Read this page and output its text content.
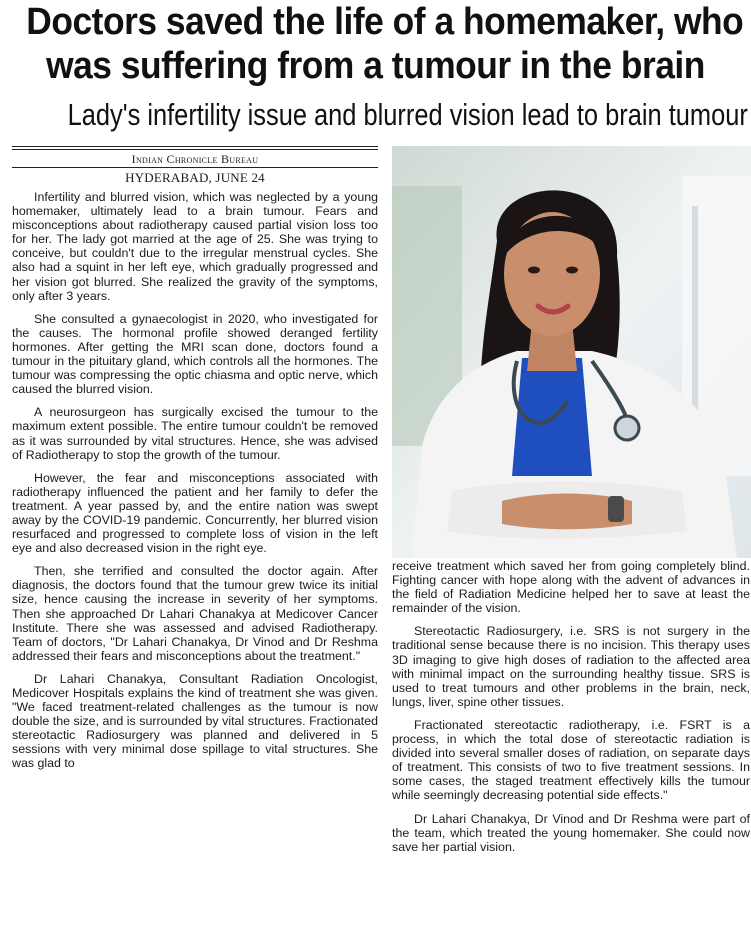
Doctors saved the life of a homemaker, who
was suffering from a tumour in the brain
Lady's infertility issue and blurred vision lead to brain tumour
Indian Chronicle Bureau
HYDERABAD, JUNE 24

Infertility and blurred vision, which was neglected by a young homemaker, ultimately lead to a brain tumour. Fears and misconceptions about radiotherapy caused partial vision loss too for her. The lady got married at the age of 25. She was trying to conceive, but couldn't due to the irregular menstrual cycles. She also had a squint in her left eye, which gradually progressed and her vision got blurred. She realized the gravity of the symptoms, only after 3 years.

She consulted a gynaecologist in 2020, who investigated for the causes. The hormonal profile showed deranged fertility hormones. After getting the MRI scan done, doctors found a tumour in the pituitary gland, which controls all the hormones. The tumour was compressing the optic chiasma and optic nerve, which caused the blurred vision.

A neurosurgeon has surgically excised the tumour to the maximum extent possible. The entire tumour couldn't be removed as it was surrounded by vital structures. Hence, she was advised of Radiotherapy to stop the growth of the tumour.

However, the fear and misconceptions associated with radiotherapy influenced the patient and her family to defer the treatment. A year passed by, and the entire nation was swept away by the COVID-19 pandemic. Concurrently, her blurred vision resurfaced and progressed to complete loss of vision in the left eye and also decreased vision in the right eye.

Then, she terrified and consulted the doctor again. After diagnosis, the doctors found that the tumour grew twice its initial size, hence causing the increase in severity of her symptoms. Then she approached Dr Lahari Chanakya at Medicover Cancer Institute. There she was assessed and advised Radiotherapy. Team of doctors, "Dr Lahari Chanakya, Dr Vinod and Dr Reshma addressed their fears and misconceptions about the treatment."

Dr Lahari Chanakya, Consultant Radiation Oncologist, Medicover Hospitals explains the kind of treatment she was given. "We faced treatment-related challenges as the tumour is now double the size, and is surrounded by vital structures. Fractionated stereotactic Radiosurgery was planned and delivered in 5 sessions with very minimal dose spillage to vital structures. She was glad to

receive treatment which saved her from going completely blind. Fighting cancer with hope along with the advent of advances in the field of Radiation Medicine helped her to save at least the remainder of the vision.

Stereotactic Radiosurgery, i.e. SRS is not surgery in the traditional sense because there is no incision. This therapy uses 3D imaging to give high doses of radiation to the affected area with minimal impact on the surrounding healthy tissue. SRS is used to treat tumours and other problems in the brain, neck, lungs, liver, spine other tissues.

Fractionated stereotactic radiotherapy, i.e. FSRT is a process, in which the total dose of stereotactic radiation is divided into several smaller doses of radiation, on separate days of treatment. This consists of two to five treatment sessions. In some cases, the staged treatment effectively kills the tumour while seemingly decreasing potential side effects."

Dr Lahari Chanakya, Dr Vinod and Dr Reshma were part of the team, which treated the young homemaker. She could now save her partial vision.
